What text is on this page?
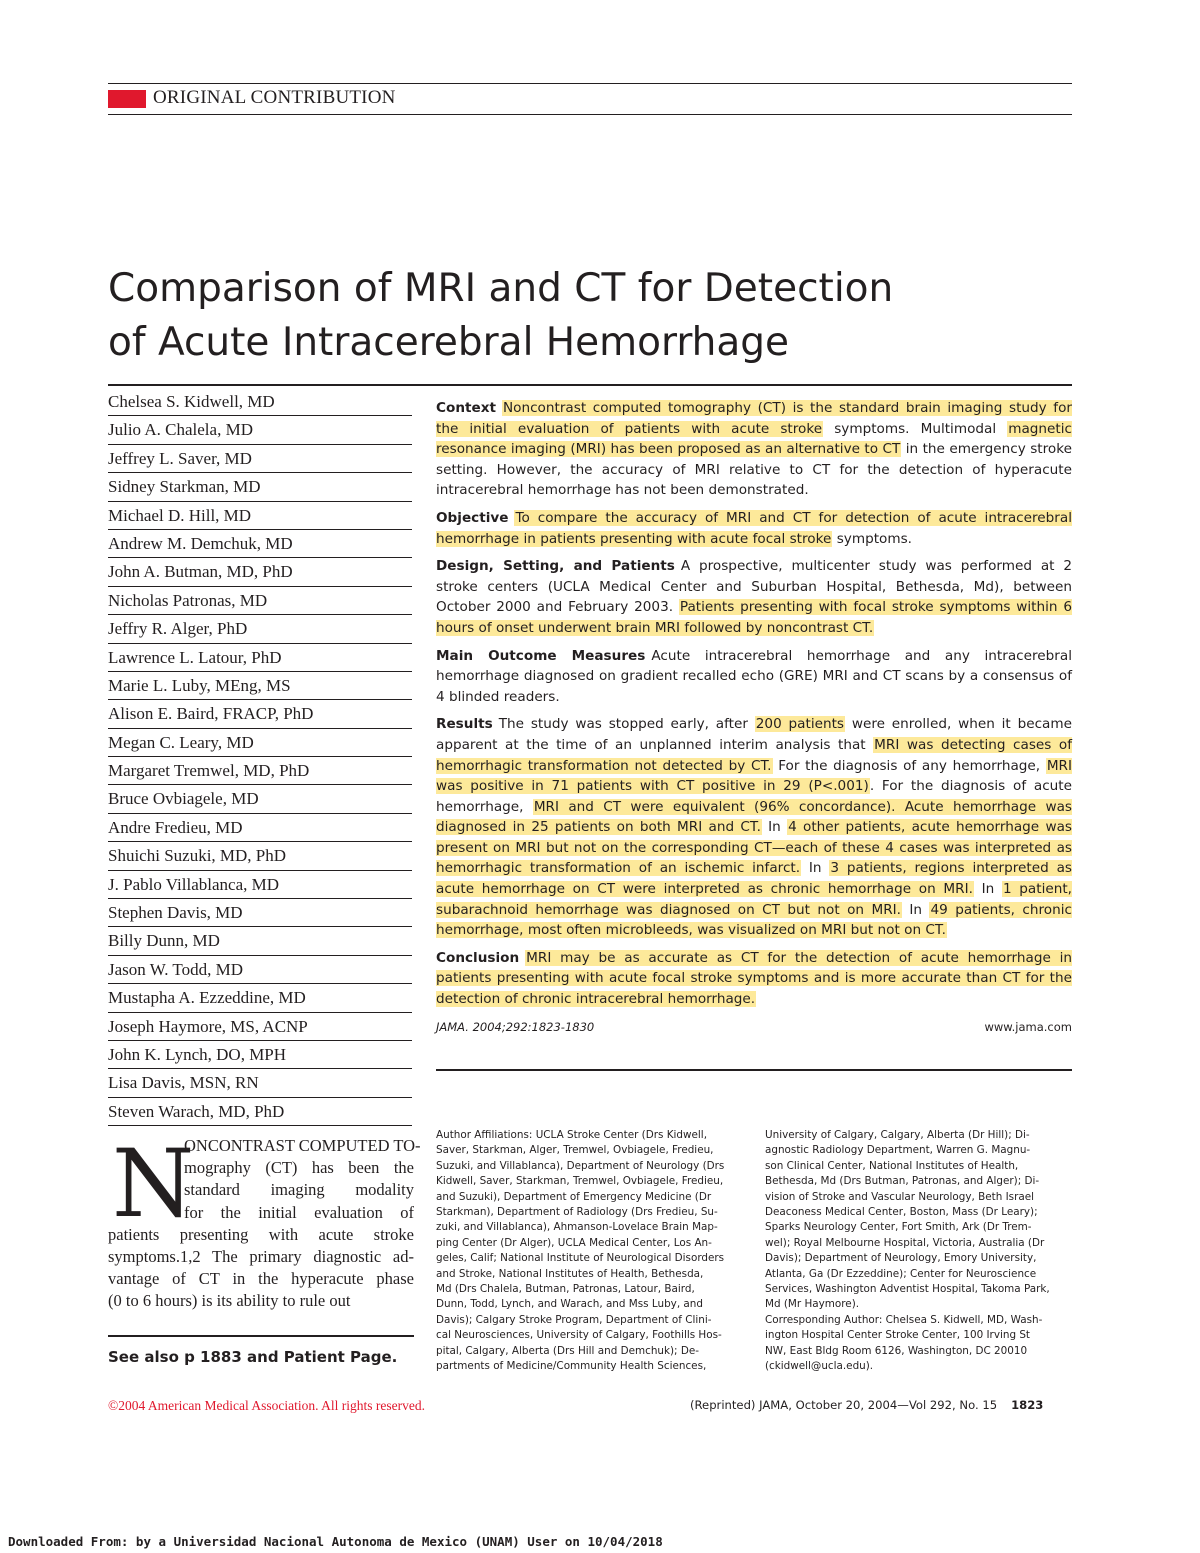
ORIGINAL CONTRIBUTION
Comparison of MRI and CT for Detection
of Acute Intracerebral Hemorrhage
Chelsea S. Kidwell, MD
Julio A. Chalela, MD
Jeffrey L. Saver, MD
Sidney Starkman, MD
Michael D. Hill, MD
Andrew M. Demchuk, MD
John A. Butman, MD, PhD
Nicholas Patronas, MD
Jeffry R. Alger, PhD
Lawrence L. Latour, PhD
Marie L. Luby, MEng, MS
Alison E. Baird, FRACP, PhD
Megan C. Leary, MD
Margaret Tremwel, MD, PhD
Bruce Ovbiagele, MD
Andre Fredieu, MD
Shuichi Suzuki, MD, PhD
J. Pablo Villablanca, MD
Stephen Davis, MD
Billy Dunn, MD
Jason W. Todd, MD
Mustapha A. Ezzeddine, MD
Joseph Haymore, MS, ACNP
John K. Lynch, DO, MPH
Lisa Davis, MSN, RN
Steven Warach, MD, PhD

Context Noncontrast computed tomography (CT) is the standard brain imaging study for the initial evaluation of patients with acute stroke symptoms. Multimodal magnetic resonance imaging (MRI) has been proposed as an alternative to CT in the emergency stroke setting. However, the accuracy of MRI relative to CT for the detection of hyperacute intracerebral hemorrhage has not been demonstrated.

Objective To compare the accuracy of MRI and CT for detection of acute intracerebral hemorrhage in patients presenting with acute focal stroke symptoms.

Design, Setting, and Patients A prospective, multicenter study was performed at 2 stroke centers (UCLA Medical Center and Suburban Hospital, Bethesda, Md), between October 2000 and February 2003. Patients presenting with focal stroke symptoms within 6 hours of onset underwent brain MRI followed by noncontrast CT.

Main Outcome Measures Acute intracerebral hemorrhage and any intracerebral hemorrhage diagnosed on gradient recalled echo (GRE) MRI and CT scans by a consensus of 4 blinded readers.

Results The study was stopped early, after 200 patients were enrolled, when it became apparent at the time of an unplanned interim analysis that MRI was detecting cases of hemorrhagic transformation not detected by CT. For the diagnosis of any hemorrhage, MRI was positive in 71 patients with CT positive in 29 (P<.001). For the diagnosis of acute hemorrhage, MRI and CT were equivalent (96% concordance). Acute hemorrhage was diagnosed in 25 patients on both MRI and CT. In 4 other patients, acute hemorrhage was present on MRI but not on the corresponding CT—each of these 4 cases was interpreted as hemorrhagic transformation of an ischemic infarct. In 3 patients, regions interpreted as acute hemorrhage on CT were interpreted as chronic hemorrhage on MRI. In 1 patient, subarachnoid hemorrhage was diagnosed on CT but not on MRI. In 49 patients, chronic hemorrhage, most often microbleeds, was visualized on MRI but not on CT.

Conclusion MRI may be as accurate as CT for the detection of acute hemorrhage in patients presenting with acute focal stroke symptoms and is more accurate than CT for the detection of chronic intracerebral hemorrhage.

JAMA. 2004;292:1823-1830	www.jama.com
N
ONCONTRAST COMPUTED TO-
mography (CT) has been the
standard imaging modality
for the initial evaluation of
patients presenting with acute stroke
symptoms.1,2 The primary diagnostic ad-
vantage of CT in the hyperacute phase
(0 to 6 hours) is its ability to rule out
See also p 1883 and Patient Page.
Author Affiliations: UCLA Stroke Center (Drs Kidwell,
Saver, Starkman, Alger, Tremwel, Ovbiagele, Fredieu,
Suzuki, and Villablanca), Department of Neurology (Drs
Kidwell, Saver, Starkman, Tremwel, Ovbiagele, Fredieu,
and Suzuki), Department of Emergency Medicine (Dr
Starkman), Department of Radiology (Drs Fredieu, Su-
zuki, and Villablanca), Ahmanson-Lovelace Brain Map-
ping Center (Dr Alger), UCLA Medical Center, Los An-
geles, Calif; National Institute of Neurological Disorders
and Stroke, National Institutes of Health, Bethesda,
Md (Drs Chalela, Butman, Patronas, Latour, Baird,
Dunn, Todd, Lynch, and Warach, and Mss Luby, and
Davis); Calgary Stroke Program, Department of Clini-
cal Neurosciences, University of Calgary, Foothills Hos-
pital, Calgary, Alberta (Drs Hill and Demchuk); De-
partments of Medicine/Community Health Sciences,
University of Calgary, Calgary, Alberta (Dr Hill); Di-
agnostic Radiology Department, Warren G. Magnu-
son Clinical Center, National Institutes of Health,
Bethesda, Md (Drs Butman, Patronas, and Alger); Di-
vision of Stroke and Vascular Neurology, Beth Israel
Deaconess Medical Center, Boston, Mass (Dr Leary);
Sparks Neurology Center, Fort Smith, Ark (Dr Trem-
wel); Royal Melbourne Hospital, Victoria, Australia (Dr
Davis); Department of Neurology, Emory University,
Atlanta, Ga (Dr Ezzeddine); Center for Neuroscience
Services, Washington Adventist Hospital, Takoma Park,
Md (Mr Haymore).
Corresponding Author: Chelsea S. Kidwell, MD, Wash-
ington Hospital Center Stroke Center, 100 Irving St
NW, East Bldg Room 6126, Washington, DC 20010
(ckidwell@ucla.edu).
©2004 American Medical Association. All rights reserved.	(Reprinted) JAMA, October 20, 2004—Vol 292, No. 15 1823
Downloaded From: by a Universidad Nacional Autonoma de Mexico (UNAM) User on 10/04/2018
